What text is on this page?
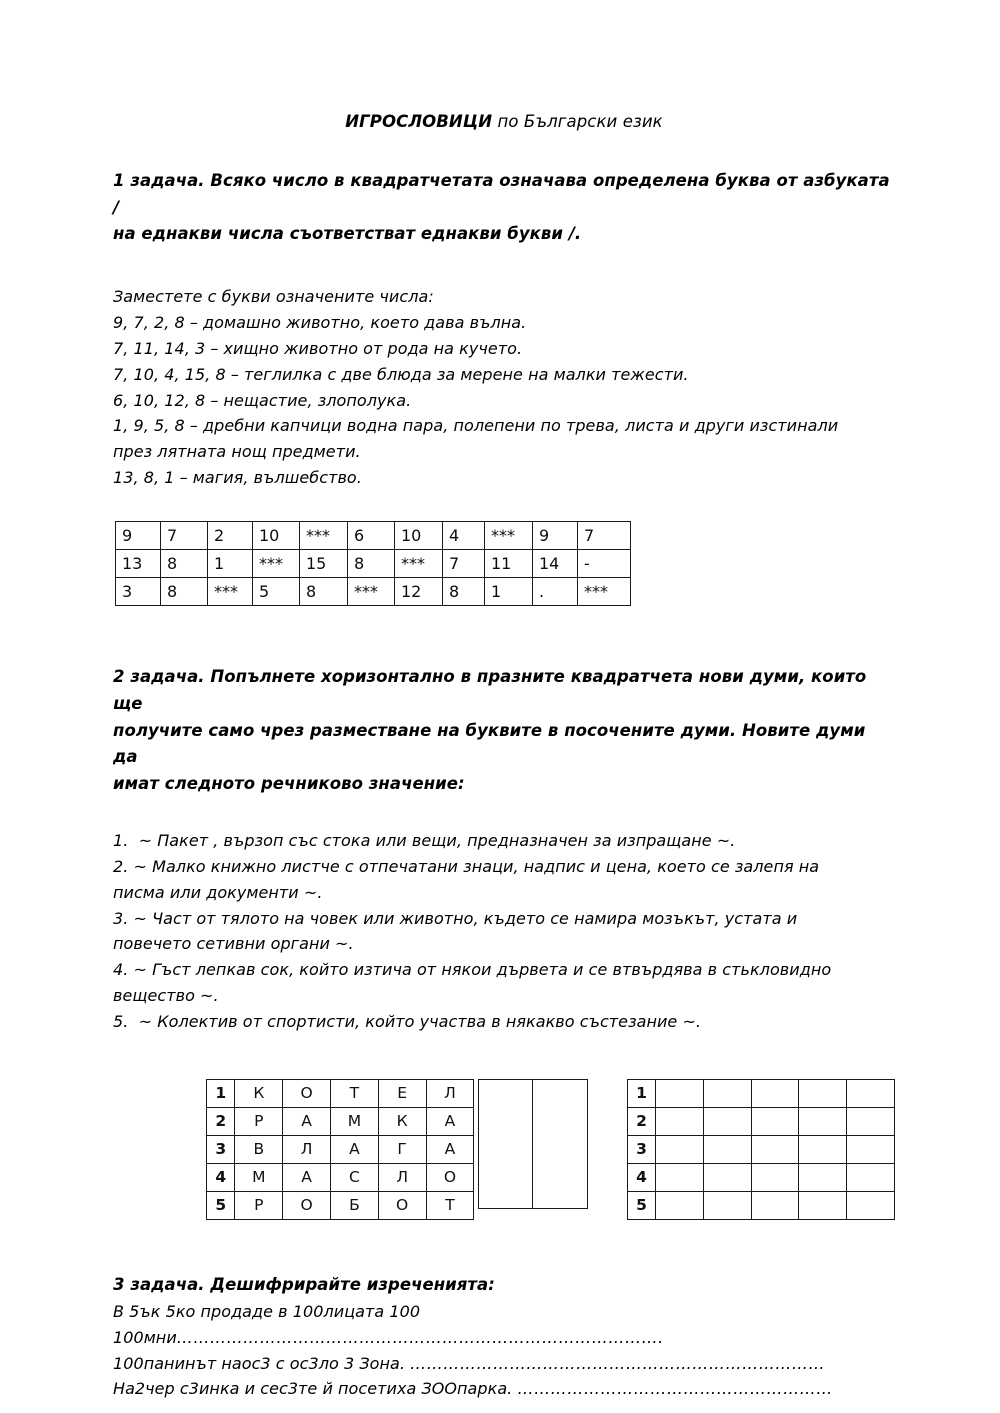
ИГРОСЛОВИЦИ по Български език
1 задача. Всяко число в квадратчетата означава определена буква от азбуката /
на еднакви числа съответстват еднакви букви /.
Заместете с букви означените числа:
9, 7, 2, 8 – домашно животно, което дава вълна.
7, 11, 14, 3 – хищно животно от рода на кучето.
7, 10, 4, 15, 8 – теглилка с две блюда за мерене на малки тежести.
6, 10, 12, 8 – нещастие, злополука.
1, 9, 5, 8 – дребни капчици водна пара, полепени по трева, листа и други изстинали
през лятната нощ предмети.
13, 8, 1 – магия, вълшебство.
9	7	2	10	***	6	10	4	***	9	7
13	8	1	***	15	8	***	7	11	14	-
3	8	***	5	8	***	12	8	1	.	***
2 задача. Попълнете хоризонтално в празните квадратчета нови думи, които ще
получите само чрез разместване на буквите в посочените думи. Новите думи да
имат следното речниково значение:
1.  ~ Пакет , вързоп със стока или вещи, предназначен за изпращане ~.
2. ~ Малко книжно листче с отпечатани знаци, надпис и цена, което се залепя на
писма или документи ~.
3. ~ Част от тялото на човек или животно, където се намира мозъкът, устата и
повечето сетивни органи ~.
4. ~ Гъст лепкав сок, който изтича от някои дървета и се втвърдява в стькловидно
вещество ~.
5.  ~ Колектив от спортисти, който участва в някакво състезание ~.
1	К	О	Т	Е	Л
2	Р	А	М	К	А
3	В	Л	А	Г	А
4	М	А	С	Л	О
5	Р	О	Б	О	Т
1					
2					
3					
4					
5					
3 задача. Дешифрирайте изреченията:
В 5ък 5ко продаде в 100лицата 100 100мни…………………………………………………………………………….
100панинът наос3 с ос3ло 3 Зона. …………………………………………………………………
На2чер с3инка и сес3те й посетиха ЗООпарка. …………………………………………………
